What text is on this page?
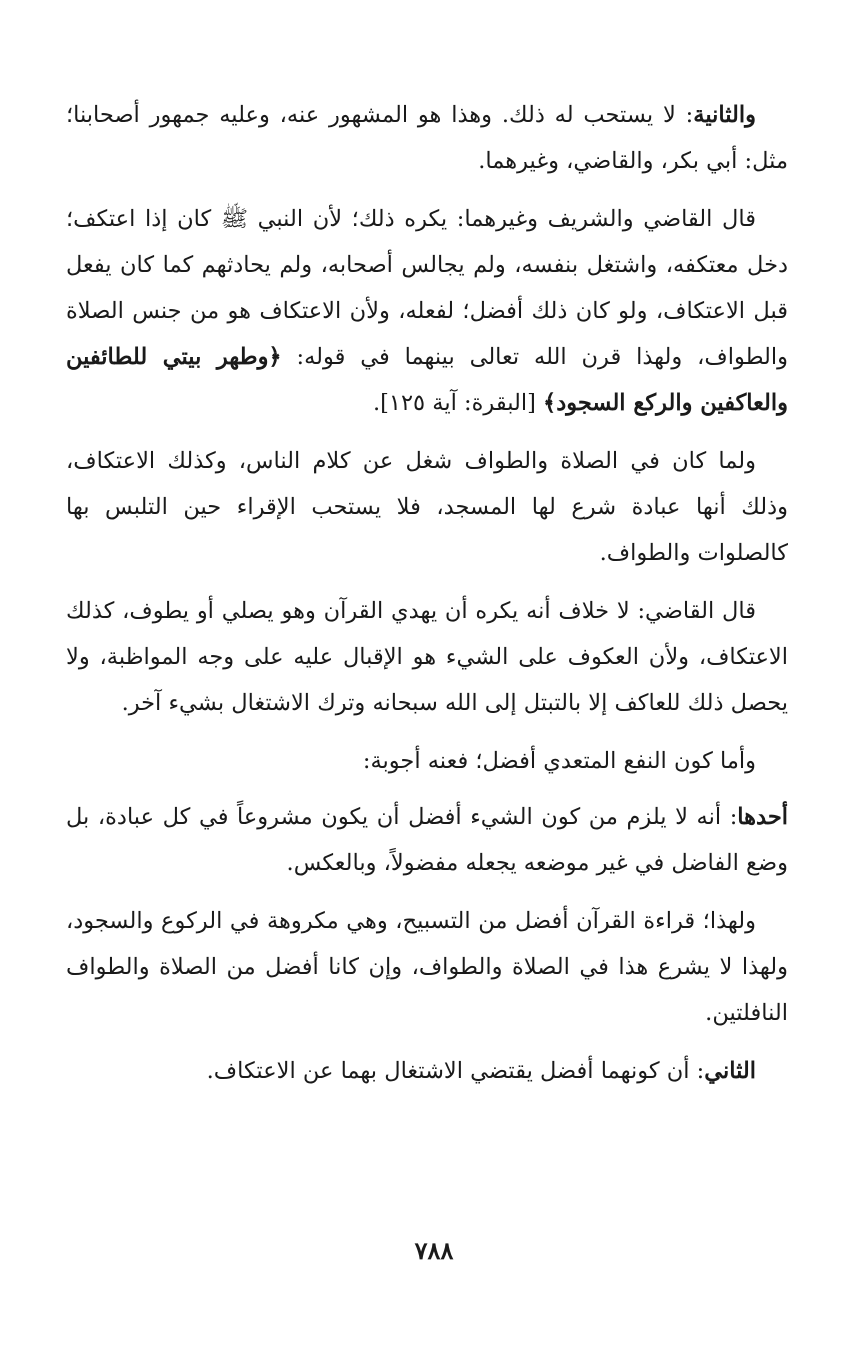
والثانية: لا يستحب له ذلك. وهذا هو المشهور عنه، وعليه جمهور أصحابنا؛ مثل: أبي بكر، والقاضي، وغيرهما.

قال القاضي والشريف وغيرهما: يكره ذلك؛ لأن النبي ﷺ كان إذا اعتكف؛ دخل معتكفه، واشتغل بنفسه، ولم يجالس أصحابه، ولم يحادثهم كما كان يفعل قبل الاعتكاف، ولو كان ذلك أفضل؛ لفعله، ولأن الاعتكاف هو من جنس الصلاة والطواف، ولهذا قرن الله تعالى بينهما في قوله: ﴿وطهر بيتي للطائفين والعاكفين والركع السجود﴾ [البقرة: آية ١٢٥].

ولما كان في الصلاة والطواف شغل عن كلام الناس، وكذلك الاعتكاف، وذلك أنها عبادة شرع لها المسجد، فلا يستحب الإقراء حين التلبس بها كالصلوات والطواف.

قال القاضي: لا خلاف أنه يكره أن يهدي القرآن وهو يصلي أو يطوف، كذلك الاعتكاف، ولأن العكوف على الشيء هو الإقبال عليه على وجه المواظبة، ولا يحصل ذلك للعاكف إلا بالتبتل إلى الله سبحانه وترك الاشتغال بشيء آخر.

وأما كون النفع المتعدي أفضل؛ فعنه أجوبة:

أحدها: أنه لا يلزم من كون الشيء أفضل أن يكون مشروعاً في كل عبادة، بل وضع الفاضل في غير موضعه يجعله مفضولاً، وبالعكس.

ولهذا؛ قراءة القرآن أفضل من التسبيح، وهي مكروهة في الركوع والسجود، ولهذا لا يشرع هذا في الصلاة والطواف، وإن كانا أفضل من الصلاة والطواف النافلتين.

الثاني: أن كونهما أفضل يقتضي الاشتغال بهما عن الاعتكاف.

٧٨٨
